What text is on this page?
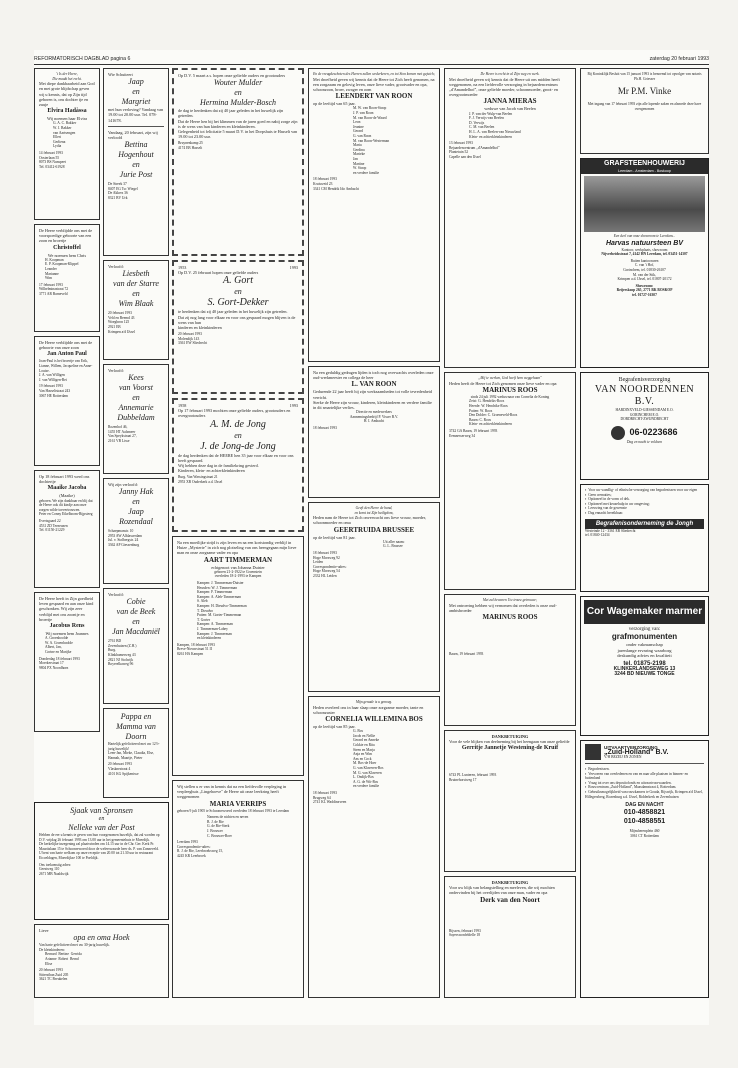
REFORMATORISCH DAGBLAD pagina 6	zaterdag 20 februari 1993
't Is der Heere,
Die maakt het recht.
Met diepe dankbaarheid aan God en met grote blijdschap geven wij u kennis, dat op Zijn tijd geboren is, ons dochter tje en zuuje
Elvira Hadàssa
Wij noemen haar Elvira
G. A. C. Bakker
W. J. Bakker
van Aartsengen
Ellert
Gerliena
Lydia
14 februari 1993
Oosterlaan 55
8073 BS Nunspeet
Tel. 03412-61928
De Heere verblijdde ons met de voorspoedige geboorte van een zoon en broertje
Christoffel
We noemen hem Chris
H. Koopman
E. P. Koopman-Klippel
Leander
Marianne
Wim
17 februari 1993
Wilhelminastraat 72
3771 AR Barneveld
De Heere verblijdde ons met de geboorte van onze zoon
Jan Anton Paul
Joan-Paul is het broertje van Erik, Lianne, Willem, Jacqueline en Anne-Louise.
J. A. van Willigen
J. van Willigen-Rei
19 februari 1993
Van Hasseltstraat 243
3067 HE Rotterdam
Op 18 februari 1993 werd ons dochtertje
Maaike Jacoba
(Maaike)
geboren. We zijn dankbaar en blij dat de Heere ook dit kindje aan onze zorgen wilde toevertrouwen.
Peter en Conny Eikelboom-Rijpsteeg
Evertsgaard 22
4531 ZD Terneuzen
Tel. 01150-21229
De Heere heeft in Zijn goedheid leven gespaard en aan onze kind geschonken. Wij zijn zeer verblijd met ons zoontje en broertje
Jacobus Rens
Wij noemen hem Joannes
A. Groenhoolde
W. A. Groenhoolde
Albert, Jan,
Corine en Marijke
Donderdag 18 februari 1993
Moerkerstraat 17
9804 PX Noordhorn
Wie Schuiteert
Jaap
en
Margriet
met hun verloving? Vandaag van 19.00 tot 20.00 uur. Tel. 078-141678.
Vandaag, 20 februari, zijn wij verloofd
Bettina
Hogenhout
en
Jurie Post
De Streek 37
8407 EG Tsc Wiegel
De Akkers 36
8321 BV Urk
Verloofd:
Liesbeth
van der Starre
en
Wim Blaak
20 februari 1993
Veld en Beemd 43
Woegbron 125
2921 EB
Krimpen a/d IJssel
Verloofd:
Kees
van Voorst
en
Annemarie
Dubbeldam
Rozenhof 46,
1455 HT Aalsmeer
Van Speykstraat 27,
2161 VB Lisse
Wij zijn verloofd:
Janny Hak
en
Jaap
Rozendaal
Schaepmanstr. 10
2953 AW Alblasserdam
Jul. v. Stolbergstr. 24
3362 AP Giessenburg
Verloofd:
Cobie
van de Beek
en
Jan Macdaniël
2761 BD
Zevenhuizen (Z.H.)
Burg.
Klinkhamerweg 43
2821 NJ Stolwijk
Boyerelkaweg 96
Pappa en Mamma van Doorn
Hartelijk gefeliciteerd met uw 12½-jarig huwelijk!
Leen-Jan, Mieke, Claudia, Else, Hannah, Maartje, Pieter
20 februari 1993
Vlasknestraat 4
4101 KG Spijkenisse
Op D.V. 5 maart a.s. hopen onze geliefde ouders en grootouders
Wouter Mulder
en
Hermina Mulder-Bosch
de dag te herdenken dat zij 40 jaar geleden in het huwelijk zijn getreden.
Dat de Heere hen bij het klimmen van de jaren goed en nabij zorge zijn is de wens van hun kinderen en kleinkinderen.
Gelegenheid tot felicitatie 5 maart D.V. in het Dorpshuis te Hasselt van 19.00 tot 23.00 uur.
Bruynenkamp 25
4174 EB Hasselt
1953	1993
Op D.V. 25 februari hopen onze geliefde ouders
A. Gort
en
S. Gort-Dekker
te herdenken dat zij 40 jaar geleden in het huwelijk zijn getreden.
Dat zij nog lang voor elkaar en voor ons gespaard mogen blijven is de wens van hun
kinderen en kleinkinderen
20 februari 1993
Molendijk 143
3361 EW Sliedrecht
1958	1993
Op 17 februari 1993 mochten onze geliefde ouders, grootouders en overgrootouders
A. M. de Jong
en
J. de Jong-de Jong
de dag herdenken dat de HEERE hen 35 jaar voor elkaar en voor ons heeft gespaard.
Wij hebben deze dag in de familiekring gevierd.
Kinderen, klein- en achterkleinkinderen
Burg. Van Wassingstraat 21
2953 XB Ouderkerk a.d. IJssel
Na een moeilijke strijd is zijn leven en na een kortstondig verblijf in Huize „Mysterie" in zich nog plotseling van ons heengegaan mijn lieve man en onze zorgzame vader en opa
AART TIMMERMAN
echtgenoot van Johanna Duister
geboren 21-2-1922 te Groenstein
overleden 18-2-1993 te Kampen
Kampen: J. Timmerman-Duister
Heusden: W. J. Timmerman
Kampen: F. Timmerman
Kampen: A. Aleb-Timmerman
S. Aleb
Kampen: H. Dieudvo-Timmerman
T. Dieudvo
Putten: M. Gorter-Timmerman
T. Gorter
Kampen: A. Timmerman
J. Timmerman-Labey
Kampen: J. Timmerman
en kleinkinderen
Kampen, 18 februari 1993
Breve-Nieuwstraat 51 II
8261 HA Kampen
Wij stellen u er van in kennis dat na een liefdevolle verpleging in verpleeghuis „Lingehoeve" de Heere uit onze leerkring heeft weggenomen
MARIA VERRIPS
geboren 9 juli 1905 te Schoonrewoerd overleden 18 februari 1993 te Leerdam
Namens de nichten en neven
B. J. de Bie
G. de Bie-Sterk
J. Brouwer
C. Brouwer-Boer
Leerdam 1993
Correspondentie-adres:
R. J. de Bie, Leerbroeksweg 15,
4245 KR Leerbroek
En de vreugdeschoten des Heeren zullen wederkeren, en tot Sion komen met gejuich;
Met droefheid geven wij kennis dat de Heere tot Zich heeft genomen, na een zorgzaam en gelovig leven, onze lieve vader, grootvader en opa, schoonzoon, broer, zwager en oom
LEENDERT VAN ROON
op de leeftijd van 65 jaar.
M. W. van Roon-Stoop
J. P. van Roon
M. van Roon-de Waard
Leon
Jeanine
Gerard
G. van Roon
M. van Roon-Westerman
Maria
Gerdina
Marieke
Jan
Martine
W. Stoop
en verdere familie
18 februari 1993
Kruisweid 23
3341 CM Hendrik Ido Ambacht
Na een geduldig gedragen lijden is toch nog overwachts overleden onze oud-werkmeester en collega de heer
L. VAN ROON
Gedurende 22 jaar heeft hij zijn werkzaamheden tot volle tevredenheid verricht.
Sterke de Heere zijn vrouw, kinderen, kleinkinderen en verdere familie in dit smartelijke verlies.
Directie en medewerkers
Aannemingsbedrijf P. Visser B.V.
H. I. Ambacht
18 februari 1993
Geeft den Heere de hand,
en komt tot Zijn heiligdom,
Heden nam de Heere tot Zich onverwacht ons lieve vrouw, moeder, schoonmoeder en oma
GEERTRUIDA BRUSSEE
op de leeftijd van 81 jaar.
Uit aller naam:
G. L. Brussee
18 februari 1993
Hoge Morsweg 92
Leiden
Correspondentie-adres:
Hoge Morsweg 54
2332 HL Leiden
Mijn genade is u genoeg.
Heden overleed ons in haar slaap onze zorgzame moeder, tante en schoonzuster
CORNELIA WILLEMINA BOS
op de leeftijd van 85 jaar.
G. Bos
Jacob en Nellie
Gerard en Anneke
Cokkie en Rita
Steen en Marja
Anja en Wim
Ans en Cock
M. Bos-de Hoer
G. van Klaveren-Bos
M. G. van Klaveren
L. Ondijk-Bos
A. G. de Wit-Bos
en verdere familie
18 februari 1993
Brugweg 64
2741 KL Waddinxveen
De Heere is recht in al Zijn weg en werk.
Met droefheid geven wij kennis dat de Heere uit ons midden heeft weggenomen, na een liefdevolle verzorging in bejaardencentrum „d'Amandelhof", onze geliefde moeder, schoonmoeder, groot- en overgrootmoeder
JANNA MIERAS
weduwe van Jacob van Beelen
J. P. van der Wulp-van Beelen
F. J. Verwijs-van Beelen
D. Verwijs
C. M. van Beelen
H. L. A. van Beelen-van Nieuwland
Klein- en achterkleinkinderen
13 februari 1993
Bejaardencentrum „d'Amandelhof"
Plantetuin 52
Capelle aan den IJssel
„Mij te werken, God heeft hem weggehaan"
Heden heeft de Heere tot Zich genomen onze lieve vader en opa
MARINUS ROOS
sinds 24 juli 1992 weduwnaar van Cornelia de Koning
Zeist: G. Hendriks-Roos
Heerde: W. Hendriks-Roos
Putten: W. Roos
Den Dolder: C. Groeneveld-Roos
Baarn: C. Roos
Klein- en achterkleinkinderen
3742 GA Baarn, 19 februari 1993
Eemnesserweg 34
Met zal bewaren Uw trouw getrouwe;
Met ontroering hebben wij vernomen dat overleden is onze oud-ambtsbroeder
MARINUS ROOS
Baarn, 19 februari 1993
DANKBETUIGING
Voor de vele blijken van deelneming bij het heengaan van onze geliefde
Gerritje Jannetje Westening-de Kruif
6743 PL Lunteren, februari 1993
Bruinehorstweg 17
DANKBETUIGING
Voor uw blijk van belangstelling en meeleven, die wij mochten ondervinden bij het overlijden van onze man, vader en opa
Derk van den Noort
Rijssen, februari 1993
Sayerswonfeldelle 18
Bij Koninklijk Besluit van 15 januari 1993 is benoemd tot opvolger van notaris Ph.H. Griesser
Mr P.M. Vinke
Met ingang van 17 februari 1993 zijn alle lopende zaken en alsmede deze have overgenomen
GRAFSTEENHOUWERIJ
Leerdam - Amsterdam - Boskoop
Een deel van onze showroom te Leerdam...
Harvas natuursteen BV
Kantoor, werkplaats, showroom
Nijverheidsstraat 7, 4142 HN Leerdam, tel. 03451-14307
Buiten kantooruren
C. van 't Hof,
Gorinchem, tel. 01830-26107
M. van der Stik,
Krimpen a.d. IJssel, tel. 01807-20172
Showroom:
Reijerskoop 265, 2771 BK BOSKOP
tel. 01727-16307
Begrafenisverzorging
VAN NOORDENNEN B.V.
HARDINXVELD-GIESSENDAM E.O.
GORINCHEM E.O.
DORDRECHT-ZWIJNDRECHT
06-0223686
Dag en nacht te voldoen
▪ Voor uw wandlig- of ethnische verzorging van begrafenissen voor uw eigen
▪ Geen crematies;
▪ Optioneel in de vorm of dek.
▪ Optioneel met keuzehulp in uw omgeving;
▪ Leeswing van de gewenste
▪ Dag ennacht bereikbaar.
Begrafenisonderneming de Jongh
Westeinde 12 - 3361 EB Sliedrecht
tel. 01840-12434
Cor Wagemaker marmer
verzorging van:
grafmonumenten
onder vakmanschap
jarenlange ervaring waarborg
deskundig advies en kwaliteit
tel. 01875-2198
KLINKERLANDSEWEG 13
3244 BD NIEUWE TONGE
UITVAARTVERZORGING
„Zuid-Holland" B.V.
V/H BEZEIJ EN ZONEN
▪ Begrafenissen.
▪ Vervoeren van overledenen en van en naar alle plaatsen in binnen- en buitenland
▪ Vraag tot over ons depositofonds en uitvaartvoorwaarden.
▪ Rouwcentrum „Zuid-Holland", Maasdamstraat 4, Rotterdam.
▪ Gebruiksmogelijkheid van rouwkamers te Gouda, Rijswijk, Krimpen a/d IJssel, Hillegersberg, Rozenburg a.d. IJssel, Ridderkerk en Zevenhuizen
DAG EN NACHT
010-4858821
010-4858551
Mijnsherenplein 460
3061 CT Rotterdam
Sjaak van Spronsen
en
Nelleke van der Post
Hebben de eer u kennis te geven van hun voorgenomen huwelijk, dat zal worden op D.V. vrijdag 26 februari 1993 om 13.00 uur in het gemeentehuis te Moerdijk.
De kerkelijke inzegening zal plaatsvinden om 14.15 uur in de Chr. Ger. Kerk Pr. Mauritslaan 15 te Schoonrewoerd door de weleerwaarde heer ds. P. van Zonneveld.
U bent van harte welkom op onze receptie van 20.00 tot 21.30 uur in restaurant Eicoeldagen, Moerdijkse 100 te Poeldijk.
Ons toekomstig adres:
Geestweg 110
2671 MB Naaldwijk
Lieve
opa en oma Hoek
Van harte gefeliciteerd met uw 30-jarig huwelijk.
De kleinkinderen:
Bernard  Bertine  Gerrida
Arianne  Robert  Bernd
Elise
20 februari 1993
Sittersthan Zuid 205
3621 TC Breukelen
